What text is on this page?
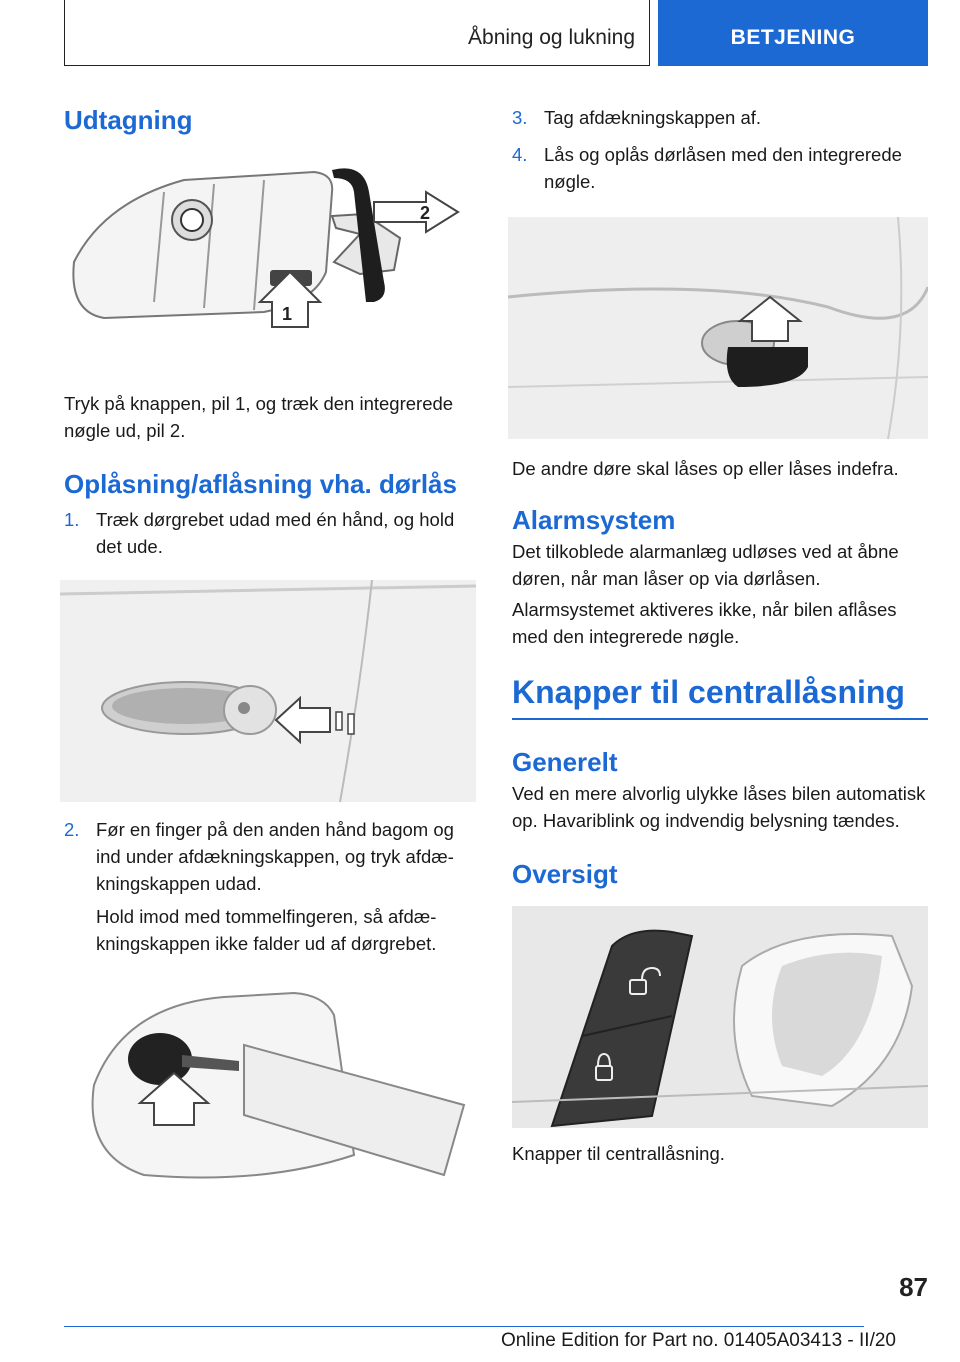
Åbning og lukning	BETJENING
Udtagning
2
1

Tryk på knappen, pil 1, og træk den integrerede nøgle ud, pil 2.

Oplåsning/aflåsning vha. dørlås
1. Træk dørgrebet udad med én hånd, og hold det ude.
2. Før en finger på den anden hånd bagom og ind under afdækningskappen, og tryk afdækningskappen udad.

Hold imod med tommelfingeren, så afdækningskappen ikke falder ud af dørgrebet.

3. Tag afdækningskappen af.
4. Lås og oplås dørlåsen med den integrerede nøgle.

De andre døre skal låses op eller låses indefra.

Alarmsystem

Det tilkoblede alarmanlæg udløses ved at åbne døren, når man låser op via dørlåsen.

Alarmsystemet aktiveres ikke, når bilen aflåses med den integrerede nøgle.

Knapper til centrallåsning
Generelt

Ved en mere alvorlig ulykke låses bilen automatisk op. Havariblink og indvendig belysning tændes.

Oversigt

Knapper til centrallåsning.

87
Online Edition for Part no. 01405A03413 - II/20
